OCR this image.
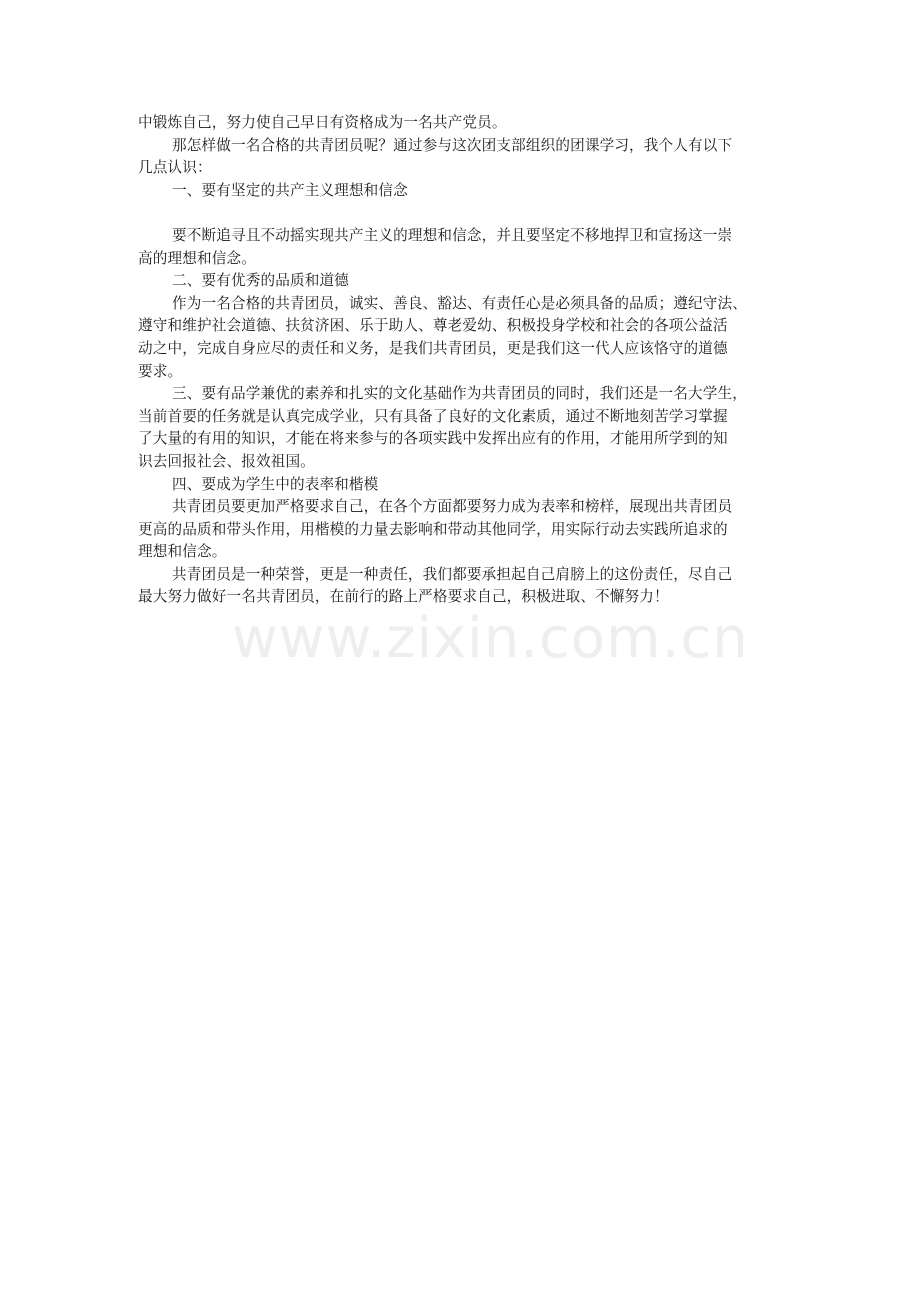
中锻炼自己，努力使自己早日有资格成为一名共产党员。
那怎样做一名合格的共青团员呢？通过参与这次团支部组织的团课学习，我个人有以下
几点认识：
一、要有坚定的共产主义理想和信念
要不断追寻且不动摇实现共产主义的理想和信念，并且要坚定不移地捍卫和宣扬这一崇
高的理想和信念。
二、要有优秀的品质和道德
作为一名合格的共青团员，诚实、善良、豁达、有责任心是必须具备的品质；遵纪守法、
遵守和维护社会道德、扶贫济困、乐于助人、尊老爱幼、积极投身学校和社会的各项公益活
动之中，完成自身应尽的责任和义务，是我们共青团员，更是我们这一代人应该恪守的道德
要求。
三、要有品学兼优的素养和扎实的文化基础作为共青团员的同时，我们还是一名大学生，
当前首要的任务就是认真完成学业，只有具备了良好的文化素质，通过不断地刻苦学习掌握
了大量的有用的知识，才能在将来参与的各项实践中发挥出应有的作用，才能用所学到的知
识去回报社会、报效祖国。
四、要成为学生中的表率和楷模
共青团员要更加严格要求自己，在各个方面都要努力成为表率和榜样，展现出共青团员
更高的品质和带头作用，用楷模的力量去影响和带动其他同学，用实际行动去实践所追求的
理想和信念。
共青团员是一种荣誉，更是一种责任，我们都要承担起自己肩膀上的这份责任，尽自己
最大努力做好一名共青团员，在前行的路上严格要求自己，积极进取、不懈努力！
www.zixin.com.cn
